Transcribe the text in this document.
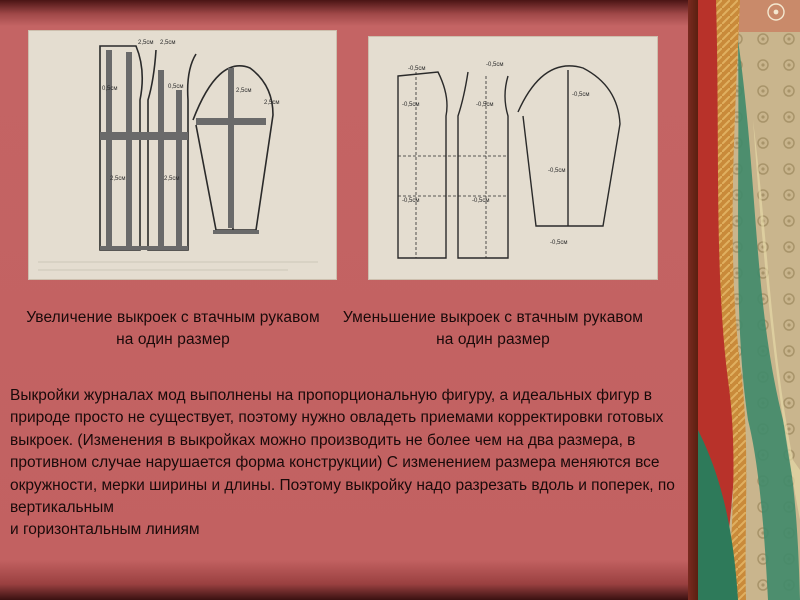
2,5см 2,5см
0,5см	0,5см
2,5см	2,5см
2,5см
2,5см
-0,5см
-0,5см
-0,5см	-0,5см
-0,5см	-0,5см
-0,5см
-0,5см
-0,5см
Увеличение выкроек с втачным рукавом на один размер
Уменьшение выкроек с втачным рукавом на один размер
Выкройки журналах мод выполнены на пропорциональную фигуру, а идеальных фигур в природе просто не существует, поэтому нужно овладеть приемами корректировки готовых выкроек. (Изменения в выкройках можно производить не более чем на два размера, в противном случае нарушается форма конструкции) С изменением размера меняются все окружности, мерки ширины и длины. Поэтому выкройку надо разрезать вдоль и поперек, по вертикальным
и горизонтальным линиям
